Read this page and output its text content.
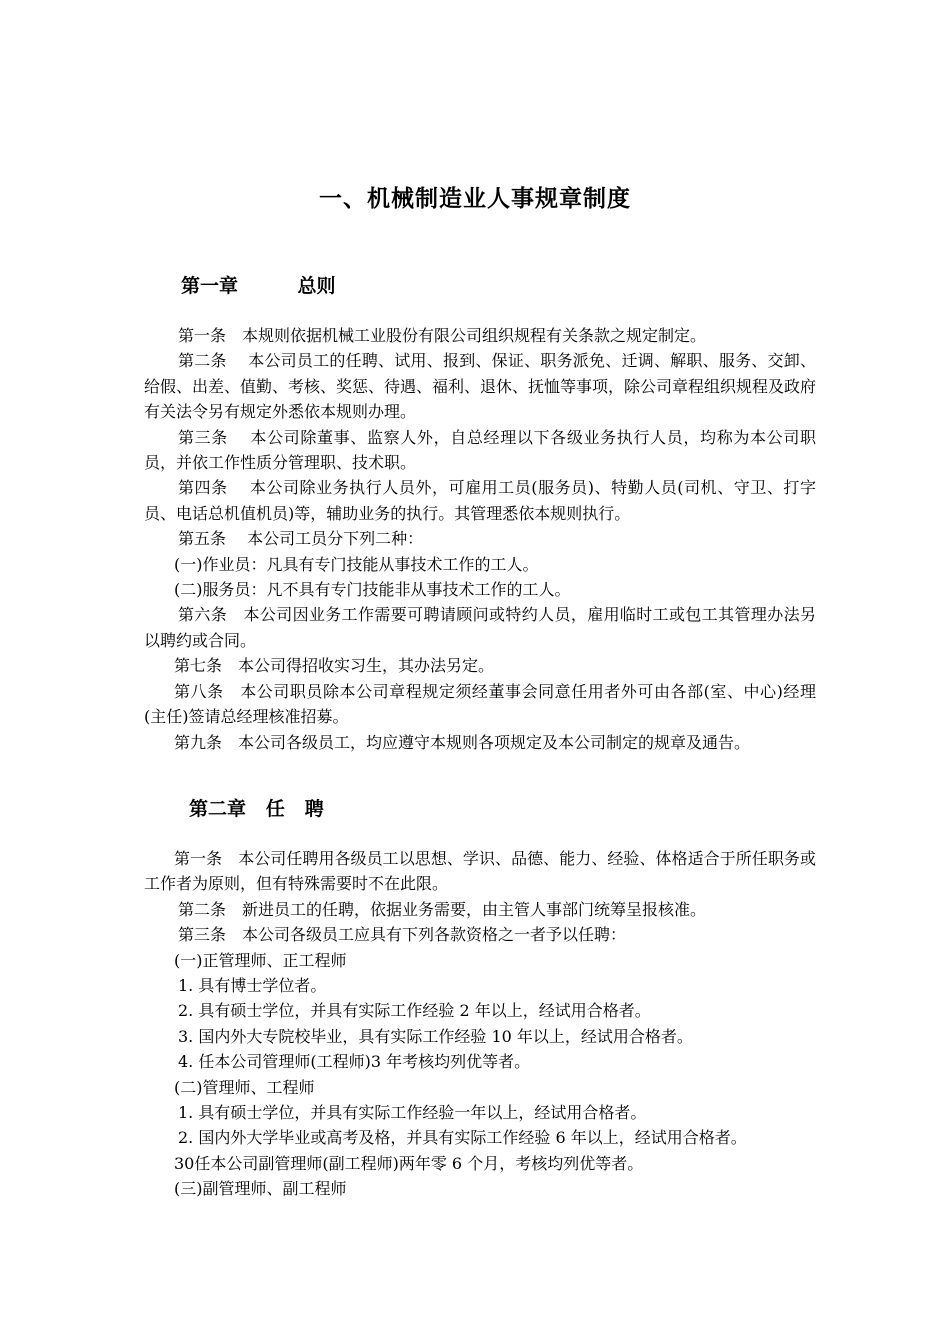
一、机械制造业人事规章制度
第一章         总则

第一条　本规则依据机械工业股份有限公司组织规程有关条款之规定制定。

第二条　 本公司员工的任聘、试用、报到、保证、职务派免、迁调、解职、服务、交卸、给假、出差、值勤、考核、奖惩、待遇、福利、退休、抚恤等事项，除公司章程组织规程及政府有关法令另有规定外悉依本规则办理。

第三条　 本公司除董事、监察人外，自总经理以下各级业务执行人员，均称为本公司职员，并依工作性质分管理职、技术职。

第四条　 本公司除业务执行人员外，可雇用工员(服务员)、特勤人员(司机、守卫、打字员、电话总机值机员)等，辅助业务的执行。其管理悉依本规则执行。

第五条　 本公司工员分下列二种：

(一)作业员：凡具有专门技能从事技术工作的工人。

(二)服务员：凡不具有专门技能非从事技术工作的工人。

第六条　本公司因业务工作需要可聘请顾问或特约人员，雇用临时工或包工其管理办法另以聘约或合同。

第七条　本公司得招收实习生，其办法另定。

第八条　本公司职员除本公司章程规定须经董事会同意任用者外可由各部(室、中心)经理(主任)签请总经理核准招募。

第九条　本公司各级员工，均应遵守本规则各项规定及本公司制定的规章及通告。

第二章   任   聘

第一条　本公司任聘用各级员工以思想、学识、品德、能力、经验、体格适合于所任职务或工作者为原则，但有特殊需要时不在此限。

第二条　新进员工的任聘，依据业务需要，由主管人事部门统筹呈报核准。

第三条　本公司各级员工应具有下列各款资格之一者予以任聘：

(一)正管理师、正工程师

1. 具有博士学位者。

2. 具有硕士学位，并具有实际工作经验 2 年以上，经试用合格者。

3. 国内外大专院校毕业，具有实际工作经验 10 年以上，经试用合格者。

4. 任本公司管理师(工程师)3 年考核均列优等者。

(二)管理师、工程师

1. 具有硕士学位，并具有实际工作经验一年以上，经试用合格者。

2. 国内外大学毕业或高考及格，并具有实际工作经验 6 年以上，经试用合格者。

30任本公司副管理师(副工程师)两年零 6 个月，考核均列优等者。

(三)副管理师、副工程师
